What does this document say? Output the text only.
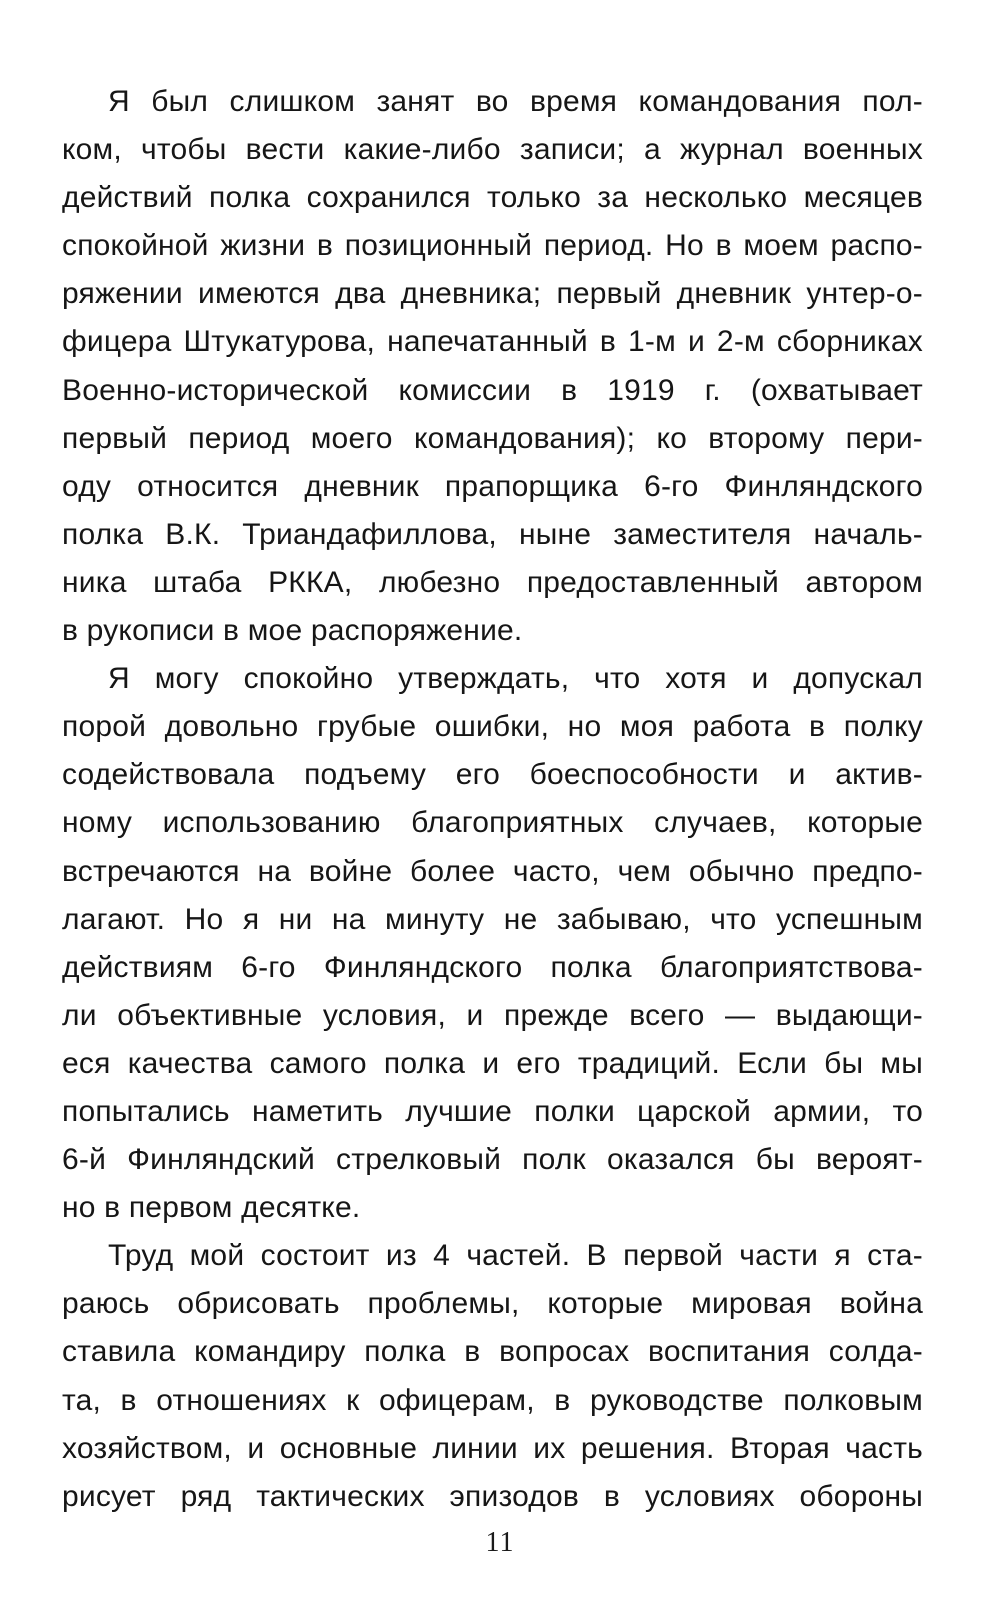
Я был слишком занят во время командования пол-
ком, чтобы вести какие-либо записи; а журнал военных
действий полка сохранился только за несколько месяцев
спокойной жизни в позиционный период. Но в моем распо-
ряжении имеются два дневника; первый дневник унтер-о-
фицера Штукатурова, напечатанный в 1-м и 2-м сборниках
Военно-исторической комиссии в 1919 г. (охватывает
первый период моего командования); ко второму пери-
оду относится дневник прапорщика 6-го Финляндского
полка В.К. Триандафиллова, ныне заместителя началь-
ника штаба РККА, любезно предоставленный автором
в рукописи в мое распоряжение.

Я могу спокойно утверждать, что хотя и допускал
порой довольно грубые ошибки, но моя работа в полку
содействовала подъему его боеспособности и актив-
ному использованию благоприятных случаев, которые
встречаются на войне более часто, чем обычно предпо-
лагают. Но я ни на минуту не забываю, что успешным
действиям 6-го Финляндского полка благоприятствова-
ли объективные условия, и прежде всего — выдающи-
еся качества самого полка и его традиций. Если бы мы
попытались наметить лучшие полки царской армии, то
6-й Финляндский стрелковый полк оказался бы вероят-
но в первом десятке.

Труд мой состоит из 4 частей. В первой части я ста-
раюсь обрисовать проблемы, которые мировая война
ставила командиру полка в вопросах воспитания солда-
та, в отношениях к офицерам, в руководстве полковым
хозяйством, и основные линии их решения. Вторая часть
рисует ряд тактических эпизодов в условиях обороны

11
